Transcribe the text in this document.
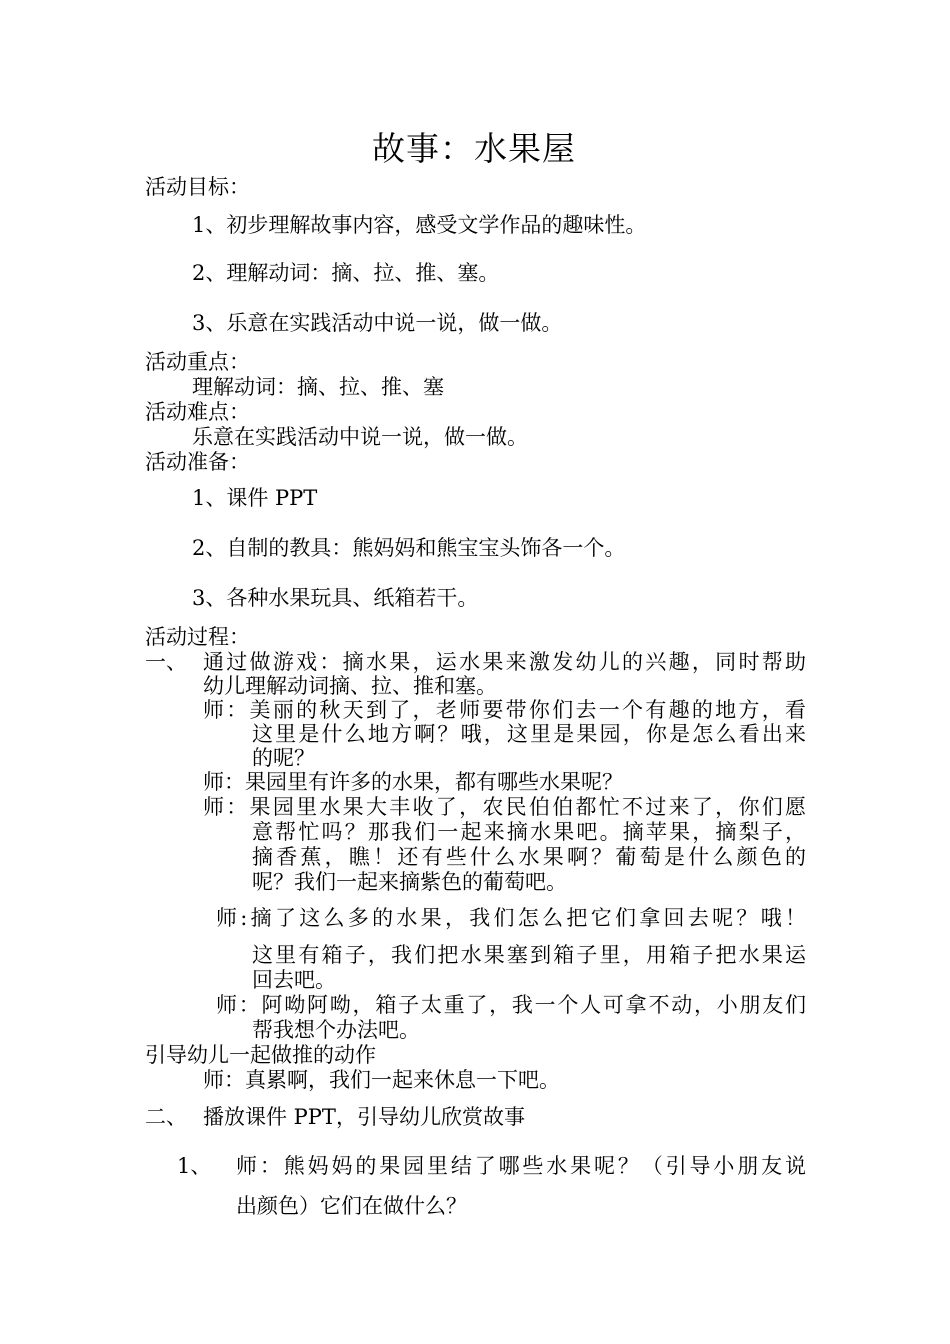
故事：水果屋
活动目标：
1、初步理解故事内容，感受文学作品的趣味性。
2、理解动词：摘、拉、推、塞。
3、乐意在实践活动中说一说，做一做。
活动重点：
理解动词：摘、拉、推、塞
活动难点：
乐意在实践活动中说一说，做一做。
活动准备：
1、课件 PPT
2、自制的教具：熊妈妈和熊宝宝头饰各一个。
3、各种水果玩具、纸箱若干。
活动过程：
一、 通过做游戏：摘水果，运水果来激发幼儿的兴趣，同时帮助
幼儿理解动词摘、拉、推和塞。
师：美丽的秋天到了，老师要带你们去一个有趣的地方，看
这里是什么地方啊？哦，这里是果园，你是怎么看出来
的呢？
师：果园里有许多的水果，都有哪些水果呢？
师：果园里水果大丰收了，农民伯伯都忙不过来了，你们愿
意帮忙吗？那我们一起来摘水果吧。摘苹果，摘梨子，
摘香蕉，瞧！还有些什么水果啊？葡萄是什么颜色的
呢？我们一起来摘紫色的葡萄吧。
师:摘了这么多的水果，我们怎么把它们拿回去呢？哦！
这里有箱子，我们把水果塞到箱子里，用箱子把水果运
回去吧。
师：阿呦阿呦，箱子太重了，我一个人可拿不动，小朋友们
帮我想个办法吧。
引导幼儿一起做推的动作
师：真累啊，我们一起来休息一下吧。
二、 播放课件 PPT，引导幼儿欣赏故事
1、 师：熊妈妈的果园里结了哪些水果呢？（引导小朋友说
出颜色）它们在做什么？
